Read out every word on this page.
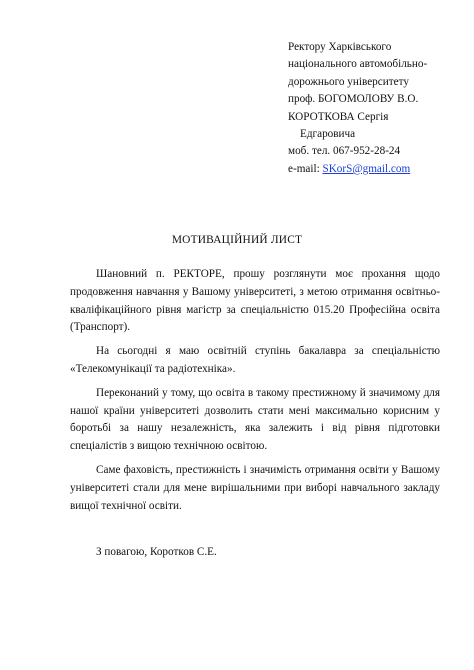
Ректору Харківського
національного автомобільно-
дорожнього університету
проф. БОГОМОЛОВУ В.О.
КОРОТКОВА Сергія
Едгаровича
моб. тел. 067-952-28-24
e-mail: SKorS@gmail.com
МОТИВАЦІЙНИЙ ЛИСТ

Шановний п. РЕКТОРЕ, прошу розглянути моє прохання щодо продовження навчання у Вашому університеті, з метою отримання освітньо-кваліфікаційного рівня магістр за спеціальністю 015.20 Професійна освіта (Транспорт).

На сьогодні я маю освітній ступінь бакалавра за спеціальністю «Телекомунікації та радіотехніка».

Переконаний у тому, що освіта в такому престижному й значимому для нашої країни університеті дозволить стати мені максимально корисним у боротьбі за нашу незалежність, яка залежить і від рівня підготовки спеціалістів з вищою технічною освітою.

Саме фаховість, престижність і значимість отримання освіти у Вашому університеті стали для мене вирішальними при виборі навчального закладу вищої технічної освіти.

З повагою, Коротков С.Е.
